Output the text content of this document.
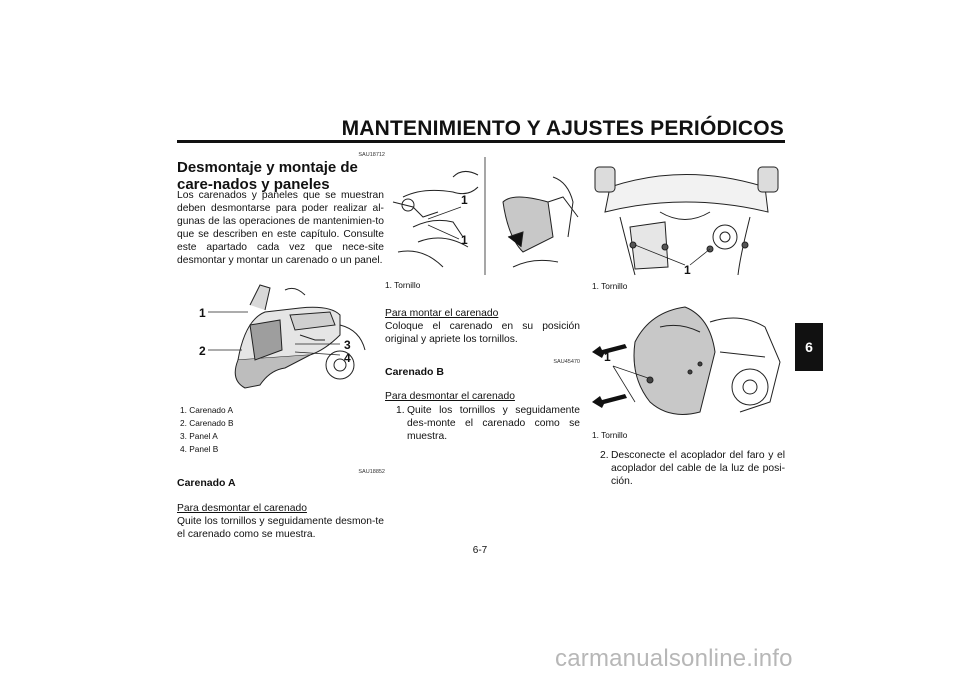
MANTENIMIENTO Y AJUSTES PERIÓDICOS
6
SAU18712
Desmontaje y montaje de care-nados y paneles
Los carenados y paneles que se muestran deben desmontarse para poder realizar al-gunas de las operaciones de mantenimien-to que se describen en este capítulo. Consulte este apartado cada vez que nece-site desmontar y montar un carenado o un panel.
1
2	3
4
1. Carenado A
2. Carenado B
3. Panel A
4. Panel B
SAU18852
Carenado A
Para desmontar el carenado
Quite los tornillos y seguidamente desmon-te el carenado como se muestra.
1
1
1. Tornillo
Para montar el carenado
Coloque el carenado en su posición original y apriete los tornillos.
SAU45470
Carenado B
Para desmontar el carenado
1. Quite los tornillos y seguidamente des-monte el carenado como se muestra.
1
1. Tornillo
1
1. Tornillo
2. Desconecte el acoplador del faro y el acoplador del cable de la luz de posi-ción.
6-7
carmanualsonline.info
